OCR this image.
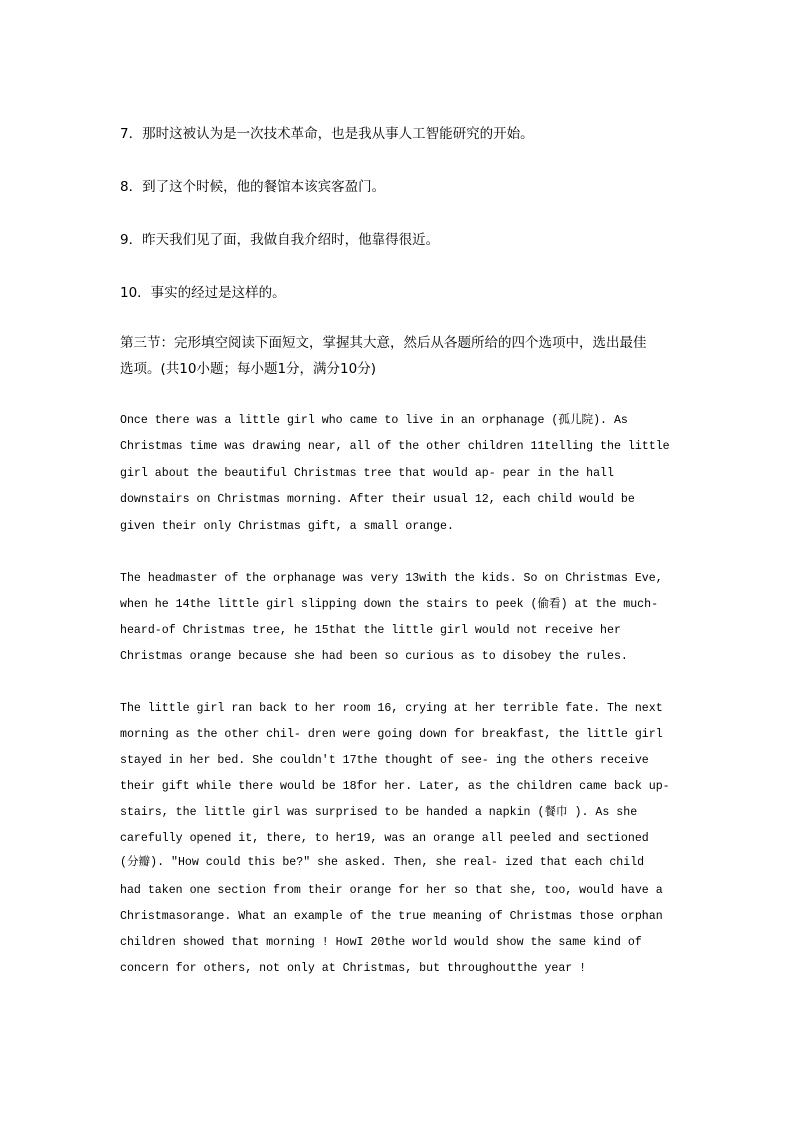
7．那时这被认为是一次技术革命，也是我从事人工智能研究的开始。
8．到了这个时候，他的餐馆本该宾客盈门。
9．昨天我们见了面，我做自我介绍时，他靠得很近。
10．事实的经过是这样的。
第三节：完形填空阅读下面短文，掌握其大意，然后从各题所给的四个选项中，选出最佳
选项。(共10小题；每小题1分，满分10分)
Once there was a little girl who came to live in an orphanage (孤儿院). As
Christmas time was drawing near, all of the other children 11telling the little
girl about the beautiful Christmas tree that would ap- pear in the hall
downstairs on Christmas morning. After their usual 12, each child would be
given their only Christmas gift, a small orange.
The headmaster of the orphanage was very 13with the kids. So on Christmas Eve,
when he 14the little girl slipping down the stairs to peek (偷看) at the much-
heard-of Christmas tree, he 15that the little girl would not receive her
Christmas orange because she had been so curious as to disobey the rules.
The little girl ran back to her room 16, crying at her terrible fate. The next
morning as the other chil- dren were going down for breakfast, the little girl
stayed in her bed. She couldn't 17the thought of see- ing the others receive
their gift while there would be 18for her. Later, as the children came back up-
stairs, the little girl was surprised to be handed a napkin (餐巾 ). As she
carefully opened it, there, to her19, was an orange all peeled and sectioned
(分瓣). "How could this be?" she asked. Then, she real- ized that each child
had taken one section from their orange for her so that she, too, would have a
Christmasorange. What an example of the true meaning of Christmas those orphan
children showed that morning ! HowI 20the world would show the same kind of
concern for others, not only at Christmas, but throughoutthe year !
